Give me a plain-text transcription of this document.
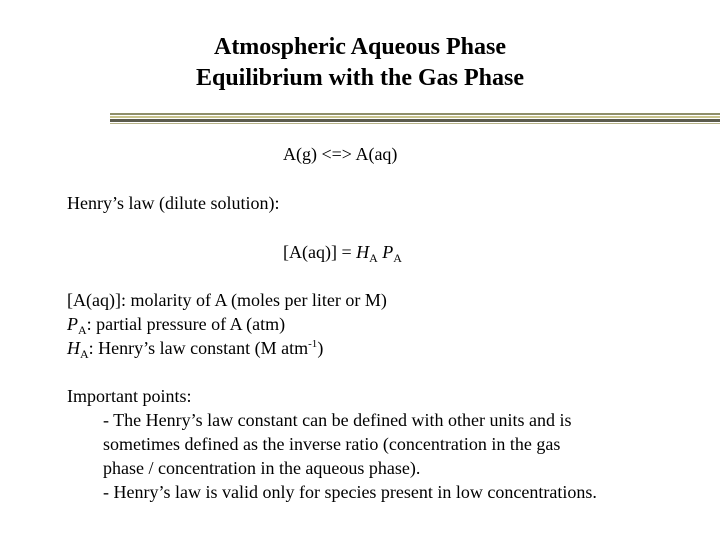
Atmospheric Aqueous Phase
Equilibrium with the Gas Phase
A(g) <=> A(aq)
Henry’s law (dilute solution):
$[A(aq)] = H_A$ $P_A$
[A(aq)]: molarity of A (moles per liter or M)
$P_A$: partial pressure of A (atm)
$H_A$: Henry’s law constant (M atm$^{-1}$)
Important points:
- The Henry’s law constant can be defined with other units and is
sometimes defined as the inverse ratio (concentration in the gas
phase / concentration in the aqueous phase).
- Henry’s law is valid only for species present in low concentrations.
